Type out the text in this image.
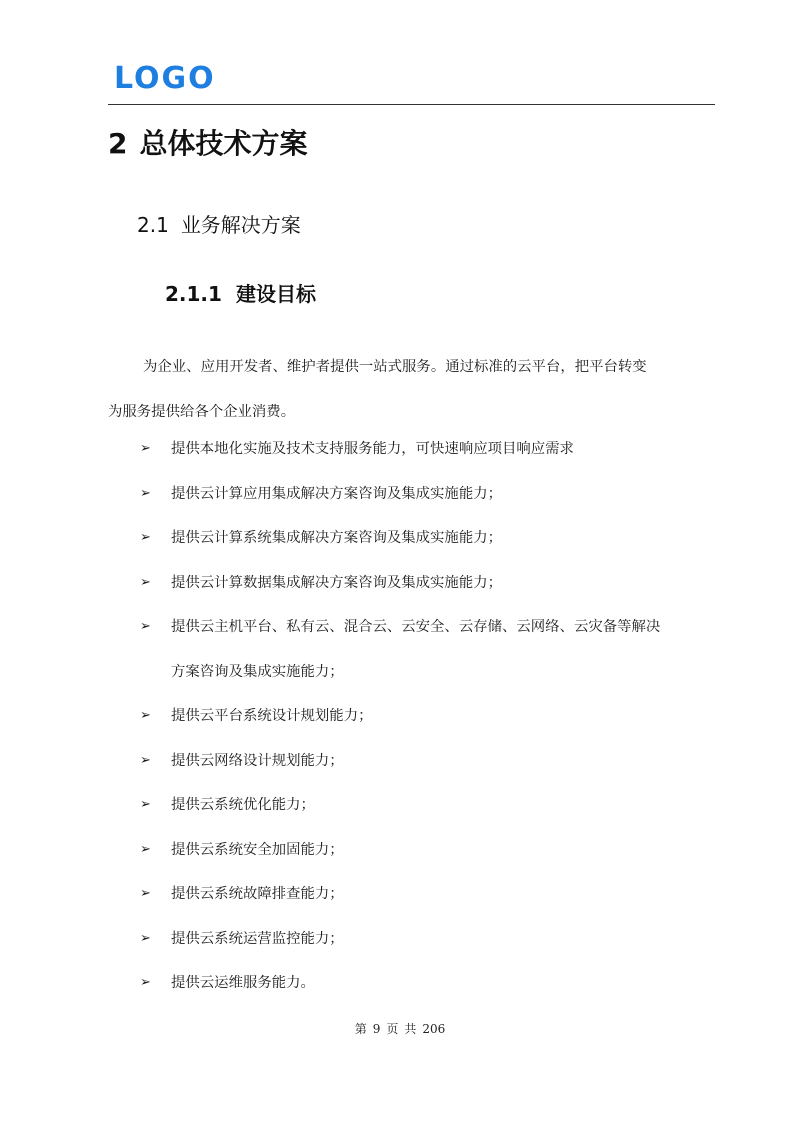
LOGO
2 总体技术方案
2.1 业务解决方案
2.1.1 建设目标
为企业、应用开发者、维护者提供一站式服务。通过标准的云平台，把平台转变
为服务提供给各个企业消费。
➢ 提供本地化实施及技术支持服务能力，可快速响应项目响应需求
➢ 提供云计算应用集成解决方案咨询及集成实施能力；
➢ 提供云计算系统集成解决方案咨询及集成实施能力；
➢ 提供云计算数据集成解决方案咨询及集成实施能力；
➢ 提供云主机平台、私有云、混合云、云安全、云存储、云网络、云灾备等解决
方案咨询及集成实施能力；
➢ 提供云平台系统设计规划能力；
➢ 提供云网络设计规划能力；
➢ 提供云系统优化能力；
➢ 提供云系统安全加固能力；
➢ 提供云系统故障排查能力；
➢ 提供云系统运营监控能力；
➢ 提供云运维服务能力。
第 9 页 共 206
